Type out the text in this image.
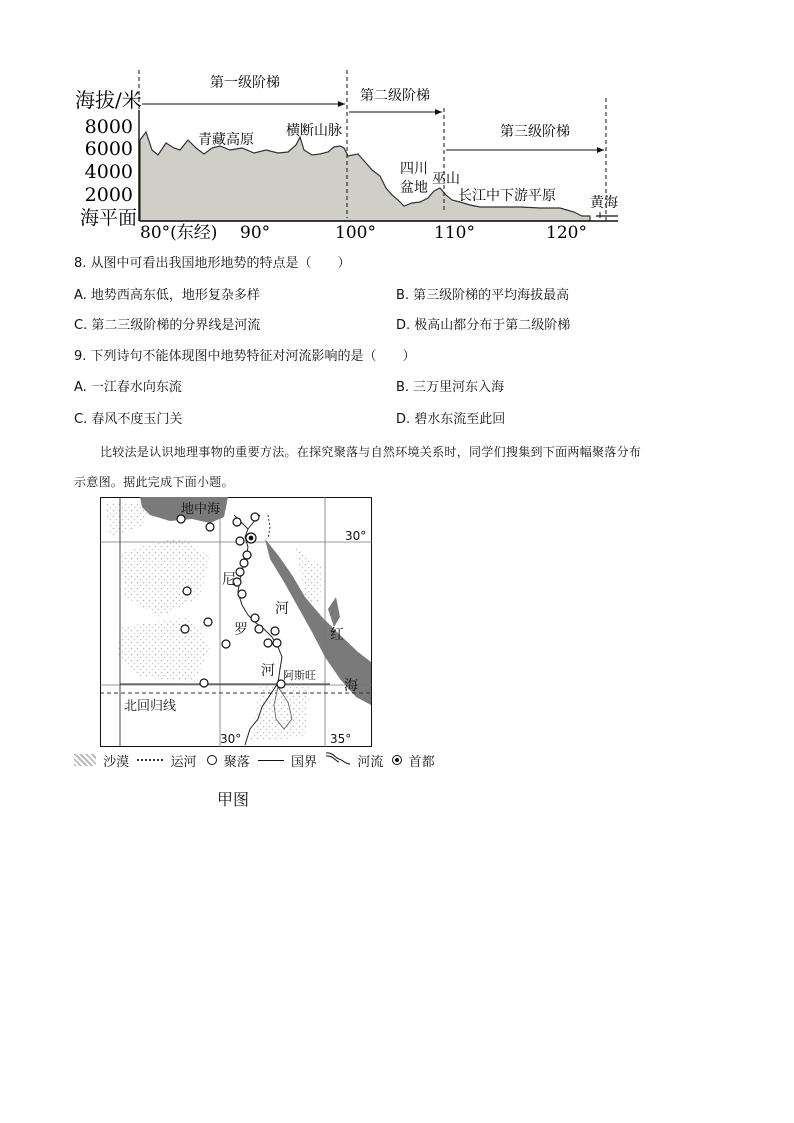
第一级阶梯
第二级阶梯
第三级阶梯
海拔/米
8000
6000
4000
2000
海平面
80°(东经) 90°	100°	110°	120°
青藏高原
横断山脉
四川
盆地
巫山
长江中下游平原 黄海
8. 从图中可看出我国地形地势的特点是（　　）
A. 地势西高东低，地形复杂多样	B. 第三级阶梯的平均海拔最高
C. 第二三级阶梯的分界线是河流	D. 极高山都分布于第二级阶梯
9. 下列诗句不能体现图中地势特征对河流影响的是（　　）
A. 一江春水向东流	B. 三万里河东入海
C. 春风不度玉门关	D. 碧水东流至此回
比较法是认识地理事物的重要方法。在探究聚落与自然环境关系时，同学们搜集到下面两幅聚落分布
示意图。据此完成下面小题。
地中海
30°
尼
河
罗
河
红
海
阿斯旺
北回归线
30°	35°
沙漠	运河 聚落	国界	河流 首都
甲图
